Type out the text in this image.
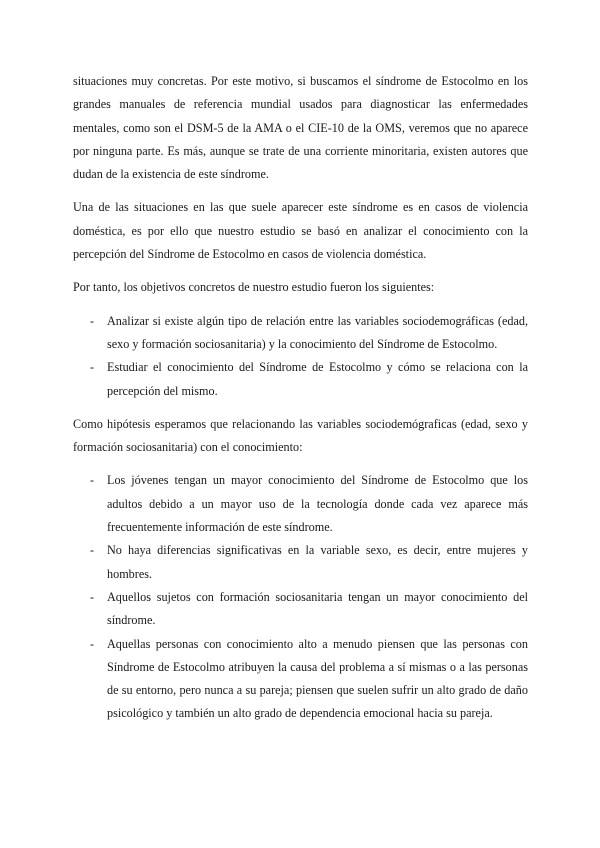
situaciones muy concretas. Por este motivo, si buscamos el síndrome de Estocolmo en los grandes manuales de referencia mundial usados para diagnosticar las enfermedades mentales, como son el DSM-5 de la AMA o el CIE-10 de la OMS, veremos que no aparece por ninguna parte. Es más, aunque se trate de una corriente minoritaria, existen autores que dudan de la existencia de este síndrome.

Una de las situaciones en las que suele aparecer este síndrome es en casos de violencia doméstica, es por ello que nuestro estudio se basó en analizar el conocimiento con la percepción del Síndrome de Estocolmo en casos de violencia doméstica.

Por tanto, los objetivos concretos de nuestro estudio fueron los siguientes:

- Analizar si existe algún tipo de relación entre las variables sociodemográficas (edad, sexo y formación sociosanitaria) y la conocimiento del Síndrome de Estocolmo.
- Estudiar el conocimiento del Síndrome de Estocolmo y cómo se relaciona con la percepción del mismo.

Como hipótesis esperamos que relacionando las variables sociodemógraficas (edad, sexo y formación sociosanitaria) con el conocimiento:

- Los jóvenes tengan un mayor conocimiento del Síndrome de Estocolmo que los adultos debido a un mayor uso de la tecnología donde cada vez aparece más frecuentemente información de este síndrome.
- No haya diferencias significativas en la variable sexo, es decir, entre mujeres y hombres.
- Aquellos sujetos con formación sociosanitaria tengan un mayor conocimiento del síndrome.
- Aquellas personas con conocimiento alto a menudo piensen que las personas con Síndrome de Estocolmo atribuyen la causa del problema a sí mismas o a las personas de su entorno, pero nunca a su pareja; piensen que suelen sufrir un alto grado de daño psicológico y también un alto grado de dependencia emocional hacia su pareja.
